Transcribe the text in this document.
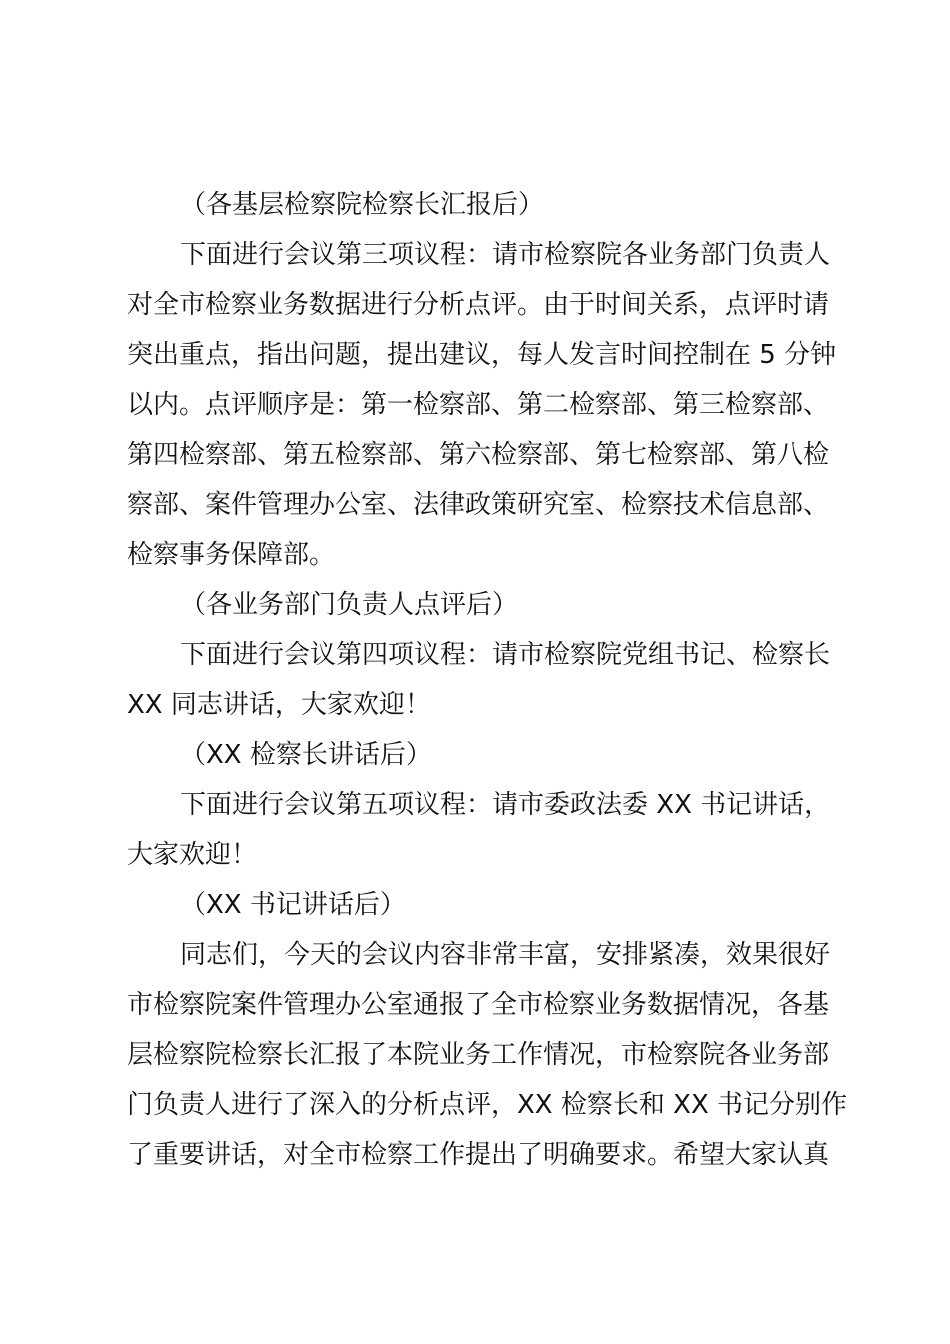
（各基层检察院检察长汇报后）
下面进行会议第三项议程：请市检察院各业务部门负责人
对全市检察业务数据进行分析点评。由于时间关系，点评时请
突出重点，指出问题，提出建议，每人发言时间控制在 5 分钟
以内。点评顺序是：第一检察部、第二检察部、第三检察部、
第四检察部、第五检察部、第六检察部、第七检察部、第八检
察部、案件管理办公室、法律政策研究室、检察技术信息部、
检察事务保障部。
（各业务部门负责人点评后）
下面进行会议第四项议程：请市检察院党组书记、检察长
XX 同志讲话，大家欢迎！
（XX 检察长讲话后）
下面进行会议第五项议程：请市委政法委 XX 书记讲话，
大家欢迎！
（XX 书记讲话后）
同志们，今天的会议内容非常丰富，安排紧凑，效果很好
市检察院案件管理办公室通报了全市检察业务数据情况，各基
层检察院检察长汇报了本院业务工作情况，市检察院各业务部
门负责人进行了深入的分析点评，XX 检察长和 XX 书记分别作
了重要讲话，对全市检察工作提出了明确要求。希望大家认真
